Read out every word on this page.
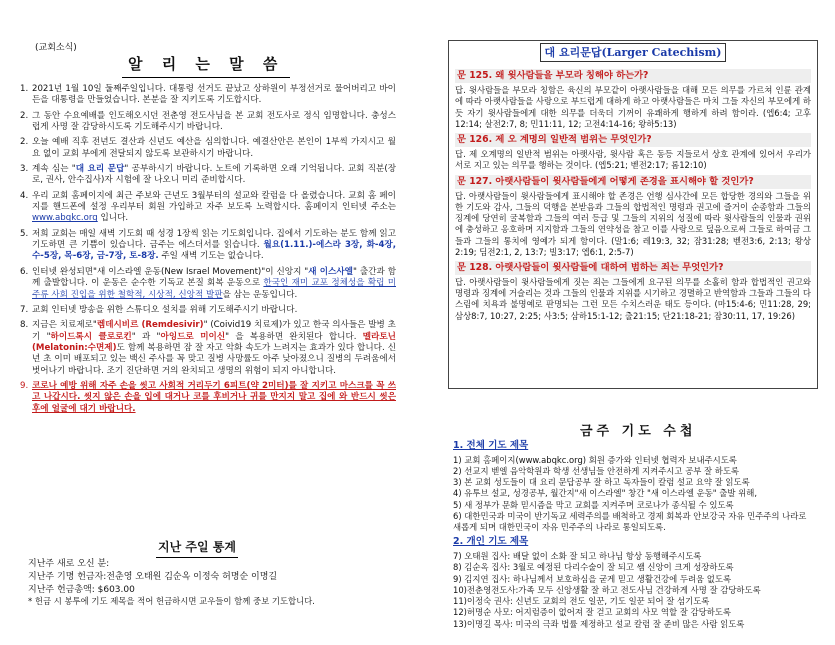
(교회소식)
알 리 는 말 씀
1. 2021년 1월 10일 둘째주일입니다. 대통령 선거도 끝났고 상하원이 부정선거로 물어버리고 바이든을 대통령을 만들었습니다. 본분을 잘 지키도록 기도합시다.
2. 그 동안 수요예배를 인도해오시던 전춘영 전도사님을 본 교회 전도사로 정식 임명합니다. 충성스럽게 사명 잘 감당하시도록 기도해주시기 바랍니다.
2. 오늘 예배 직후 전년도 결산과 신년도 예산을 심의합니다. 예결산안은 본인이 1부씩 가지시고 월요 없이 교회 부에게 전달되지 않도록 보관하시기 바랍니다.
3. 계속 심는 "대 요리 문답" 공부하시기 바랍니다. 노트에 기록하면 오래 기억됩니다. 교회 직분(장로, 권사, 안수집사)자 시험에 잘 나오니 미리 준비합시다.
4. 우리 교회 홈페이지에 최근 주보와 근년도 3월부터의 설교와 칼럼을 다 올렸습니다. 교회 홈 페이지를 핸드폰에 설정 우리부터 회원 가입하고 자주 보도록 노력합시다. 홈페이지 인터넷 주소는 www.abqkc.org 입니다.
5. 저희 교회는 매일 새벽 기도회 때 성경 1장씩 읽는 기도회입니다. 집에서 기도하는 분도 함께 읽고 기도하면 큰 기쁨이 있습니다. 금주는 에스더서를 읽습니다. 월요(1.11.)-에스라 3장, 화-4장, 수-5장, 목-6장, 금-7장, 토-8장. 주일 새벽 기도는 없습니다.
6. 인터넷 완성되면"새 이스라엘 운동(New Israel Movement)"이 신앙지 "새 이스사엘" 출간과 함께 출발합니다. 이 운동은 순수한 기독교 본질 회복 운동으로 한국인 재미 교포 정체성을 확립 미 주류 사회 진입을 위한 철학적, 시상적, 신앙적 발판을 삼는 운동입니다.
7. 교회 인터넷 방송을 위한 스튜디오 설치를 위해 기도해주시기 바랍니다.
8. 지금은 치료제로"렘데시비르 (Remdesivir)" (Coivid19 치료제)가 있고 한국 의사들은 발병 초기 "하이드록시 클로로킨" 과 "아잉드로 미이신" 을 복용하면 완치된다 합니다. 멜라토닌(Melatonin:수면제)도 함께 복용하면 잠 잘 자고 악화 속도가 느려지는 효과가 있다 합니다. 신년 초 이미 배포되고 있는 백신 주사를 꼭 맞고 질병 사망률도 아주 낮아졌으니 질병의 두려움에서 벗어나기 바랍니다. 조기 진단하면 거의 완치되고 생명의 위험이 되지 아니합니다.
9. 코로나 예방 위해 자주 손을 씻고 사회적 거리두기 6피트(약 2미터)를 잘 지키고 마스크를 꼭 쓰고 나갑시다. 씻지 않은 손을 입에 대거나 코를 후비거나 귀를 만지지 말고 집에 와 반드시 씻은 후에 얼굴에 대기 바랍니다.
지난 주일 통계
지난주 새로 오신 분:
지난주 기명 헌금자:전춘영 오태원 김순옥 이정숙 허명순 이명길
지난주 헌금총액: $603.00
* 헌금 시 봉투에 기도 제목을 적어 헌금하시면 교우들이 함께 중보 기도합니다.
대 요리문답(Larger Catechism)
문 125. 왜 윗사람들을 부모라 칭해야 하는가?
답. 윗사람들을 부모라 칭함은 육신의 부모같이 아랫사람들을 대해 모든 의무를 가르쳐 인륜 관계에 따라 아랫사람들을 사랑으로 부드럽게 대하게 하고 아랫사람들은 마치 그들 자신의 부모에게 하듯 자기 윗사람들에게 대한 의무를 더욱더 기꺼이 유쾌하게 행하게 하려 함이라. (엡6:4; 고후12:14; 살전2:7, 8; 민11:11, 12; 고전4:14-16; 왕하5:13)
문 126. 제 오 계명의 일반적 범위는 무엇인가?
답. 제 오계명의 일반적 범위는 아랫사람, 윗사람 혹은 동등 지들로서 상호 관계에 있어서 우리가 서로 지고 있는 의무를 행하는 것이다. (엡5:21; 벧전2:17; 롬12:10)
문 127. 아랫사람들이 윗사람들에게 어떻게 존경을 표시해야 할 것인가?
답. 아랫사람들이 윗사람들에게 표시해야 할 존경은 언행 심사간에 모든 합당한 경의와 그들을 위한 기도와 감사, 그들의 덕행을 본받음과 그들의 합법적인 명령과 권고에 즐거이 순종함과 그들의 징계에 당연히 굴복함과 그들의 여러 등급 및 그들의 지위의 성질에 따라 윗사람들의 인물과 권위에 충성하고 옹호하며 지지함과 그들의 연약성을 참고 이를 사랑으로 덮음으로써 그들로 하여금 그들과 그들의 통치에 영예가 되게 함이다. (말1:6; 레19:3, 32; 잠31:28; 벧전3:6, 2:13; 왕상2:19; 딤전2:1, 2, 13:7; 빌3:17; 엡6:1, 2:5-7)
문 128. 아랫사람들이 윗사람들에 대하여 범하는 죄는 무엇인가?
답. 아랫사람들이 윗사람들에게 짓는 죄는 그들에게 요구된 의무를 소홀히 함과 합법적인 권고와 명령과 징계에 거슬리는 것과 그들의 인물과 지위를 시기하고 경멸하고 반역함과 그들과 그들의 다스림에 치욕과 불명예로 판명되는 그런 모든 수치스러운 태도 등이다. (마15:4-6; 민11:28, 29; 삼상8:7, 10:27, 2:25; 사3:5; 삼하15:1-12; 출21:15; 단21:18-21; 잠30:11, 17, 19:26)
금주 기도 수첩
1. 전체 기도 제목
1) 교회 홈페이지(www.abqkc.org) 회원 증가와 인터넷 협력자 보내주시도록
2) 선교지 벧엘 음악학원과 학생 선생님들 안전하게 지켜주시고 공부 잘 하도록
3) 본 교회 성도들이 대 요리 문답공부 잘 하고 독자들이 칼럼 설교 요약 잘 읽도록
4) 유투브 설교, 성경공부, 월간지"새 이스라엘" 창간 "새 이스라엘 운동" 출발 위해,
5) 새 정부가 문화 믿시즘을 막고 교회를 지켜주며 코로나가 종식될 수 있도록
6) 대한민국과 미국이 반기독교 세력주의를 배척하고 경제 회복과 안보강국 자유 민주주의 나라로 새롭게 되며 대한민국이 자유 민주주의 나라로 통일되도록.
2. 개인 기도 제목
7) 오태원 집사: 배달 없이 소화 잘 되고 하나님 항상 동행해주시도록
8) 김순옥 집사: 3월로 예정된 다리수술이 잘 되고 쌤 신앙이 크게 성장하도록
9) 김지연 집사: 하나님께서 보호하심을 굳게 믿고 생활건강에 두려움 없도록
10)전춘영전도사:가족 모두 신앙생활 잘 하고 전도사님 건강하게 사명 잘 감당하도록
11)이정숙 권사: 신년도 교회의 전도 일꾼, 기도 일꾼 되어 잘 섬기도록
12)허명순 사모: 어지럼증이 없어져 잘 걷고 교회의 사모 역할 잘 감당하도록
13)이명길 목사: 미국의 극좌 법률 제정하고 설교 칼럼 잘 준비 많은 사람 읽도록
